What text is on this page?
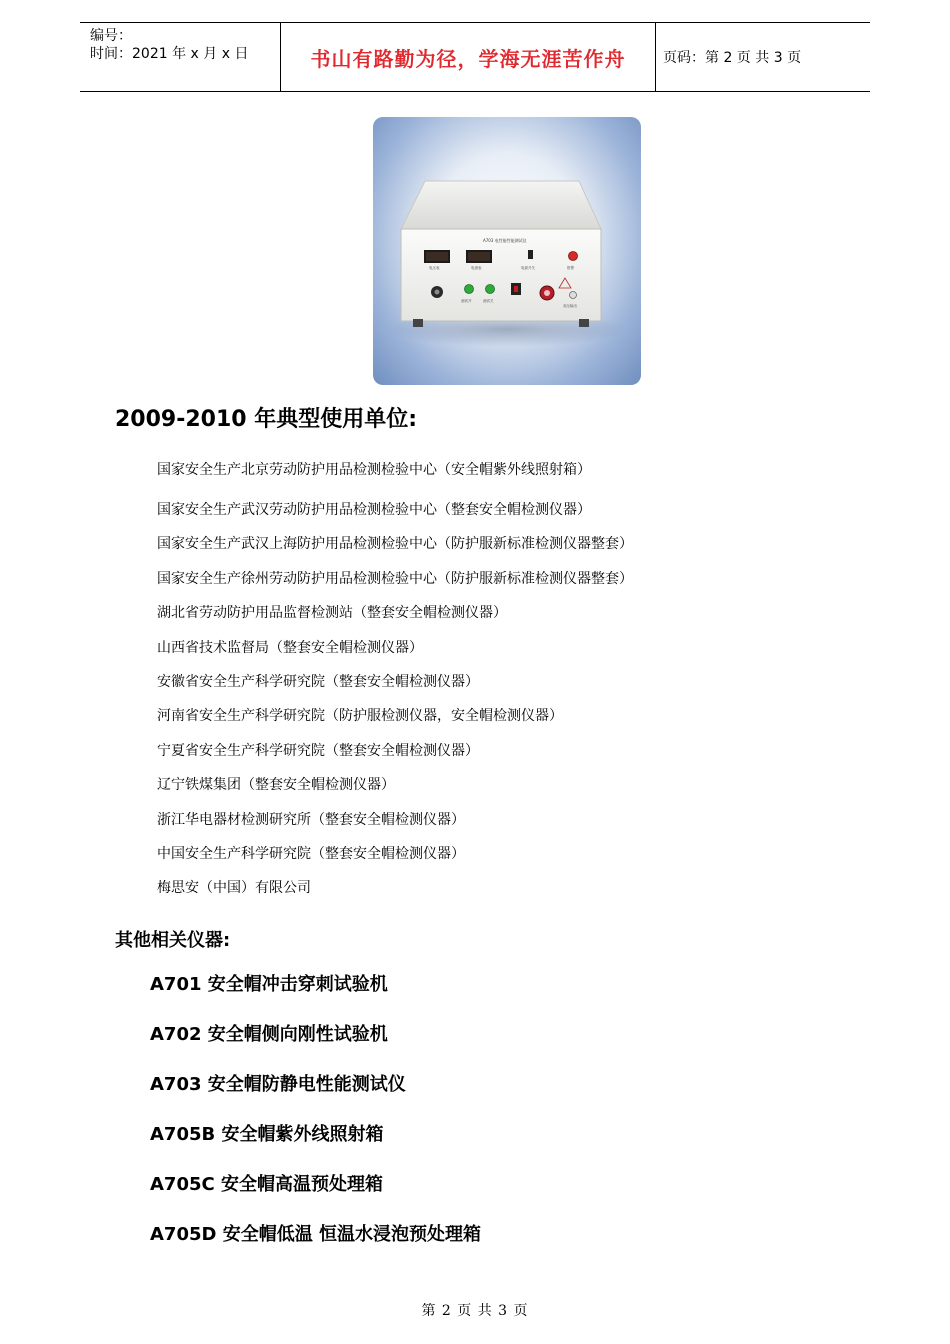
编号：
时间：2021 年 x 月 x 日	书山有路勤为径，学海无涯苦作舟	页码：第 2 页 共 3 页
A703 电性能性能测试仪
电压表	电流表	电源开关	报警
测试开	测试关
高压输出
2009-2010 年典型使用单位:
国家安全生产北京劳动防护用品检测检验中心（安全帽紫外线照射箱）
国家安全生产武汉劳动防护用品检测检验中心（整套安全帽检测仪器）
国家安全生产武汉上海防护用品检测检验中心（防护服新标准检测仪器整套）
国家安全生产徐州劳动防护用品检测检验中心（防护服新标准检测仪器整套）
湖北省劳动防护用品监督检测站（整套安全帽检测仪器）
山西省技术监督局（整套安全帽检测仪器）
安徽省安全生产科学研究院（整套安全帽检测仪器）
河南省安全生产科学研究院（防护服检测仪器，安全帽检测仪器）
宁夏省安全生产科学研究院（整套安全帽检测仪器）
辽宁铁煤集团（整套安全帽检测仪器）
浙江华电器材检测研究所（整套安全帽检测仪器）
中国安全生产科学研究院（整套安全帽检测仪器）
梅思安（中国）有限公司
其他相关仪器:
A701 安全帽冲击穿刺试验机
A702 安全帽侧向刚性试验机
A703 安全帽防静电性能测试仪
A705B 安全帽紫外线照射箱
A705C 安全帽高温预处理箱
A705D 安全帽低温 恒温水浸泡预处理箱
第 2 页 共 3 页
